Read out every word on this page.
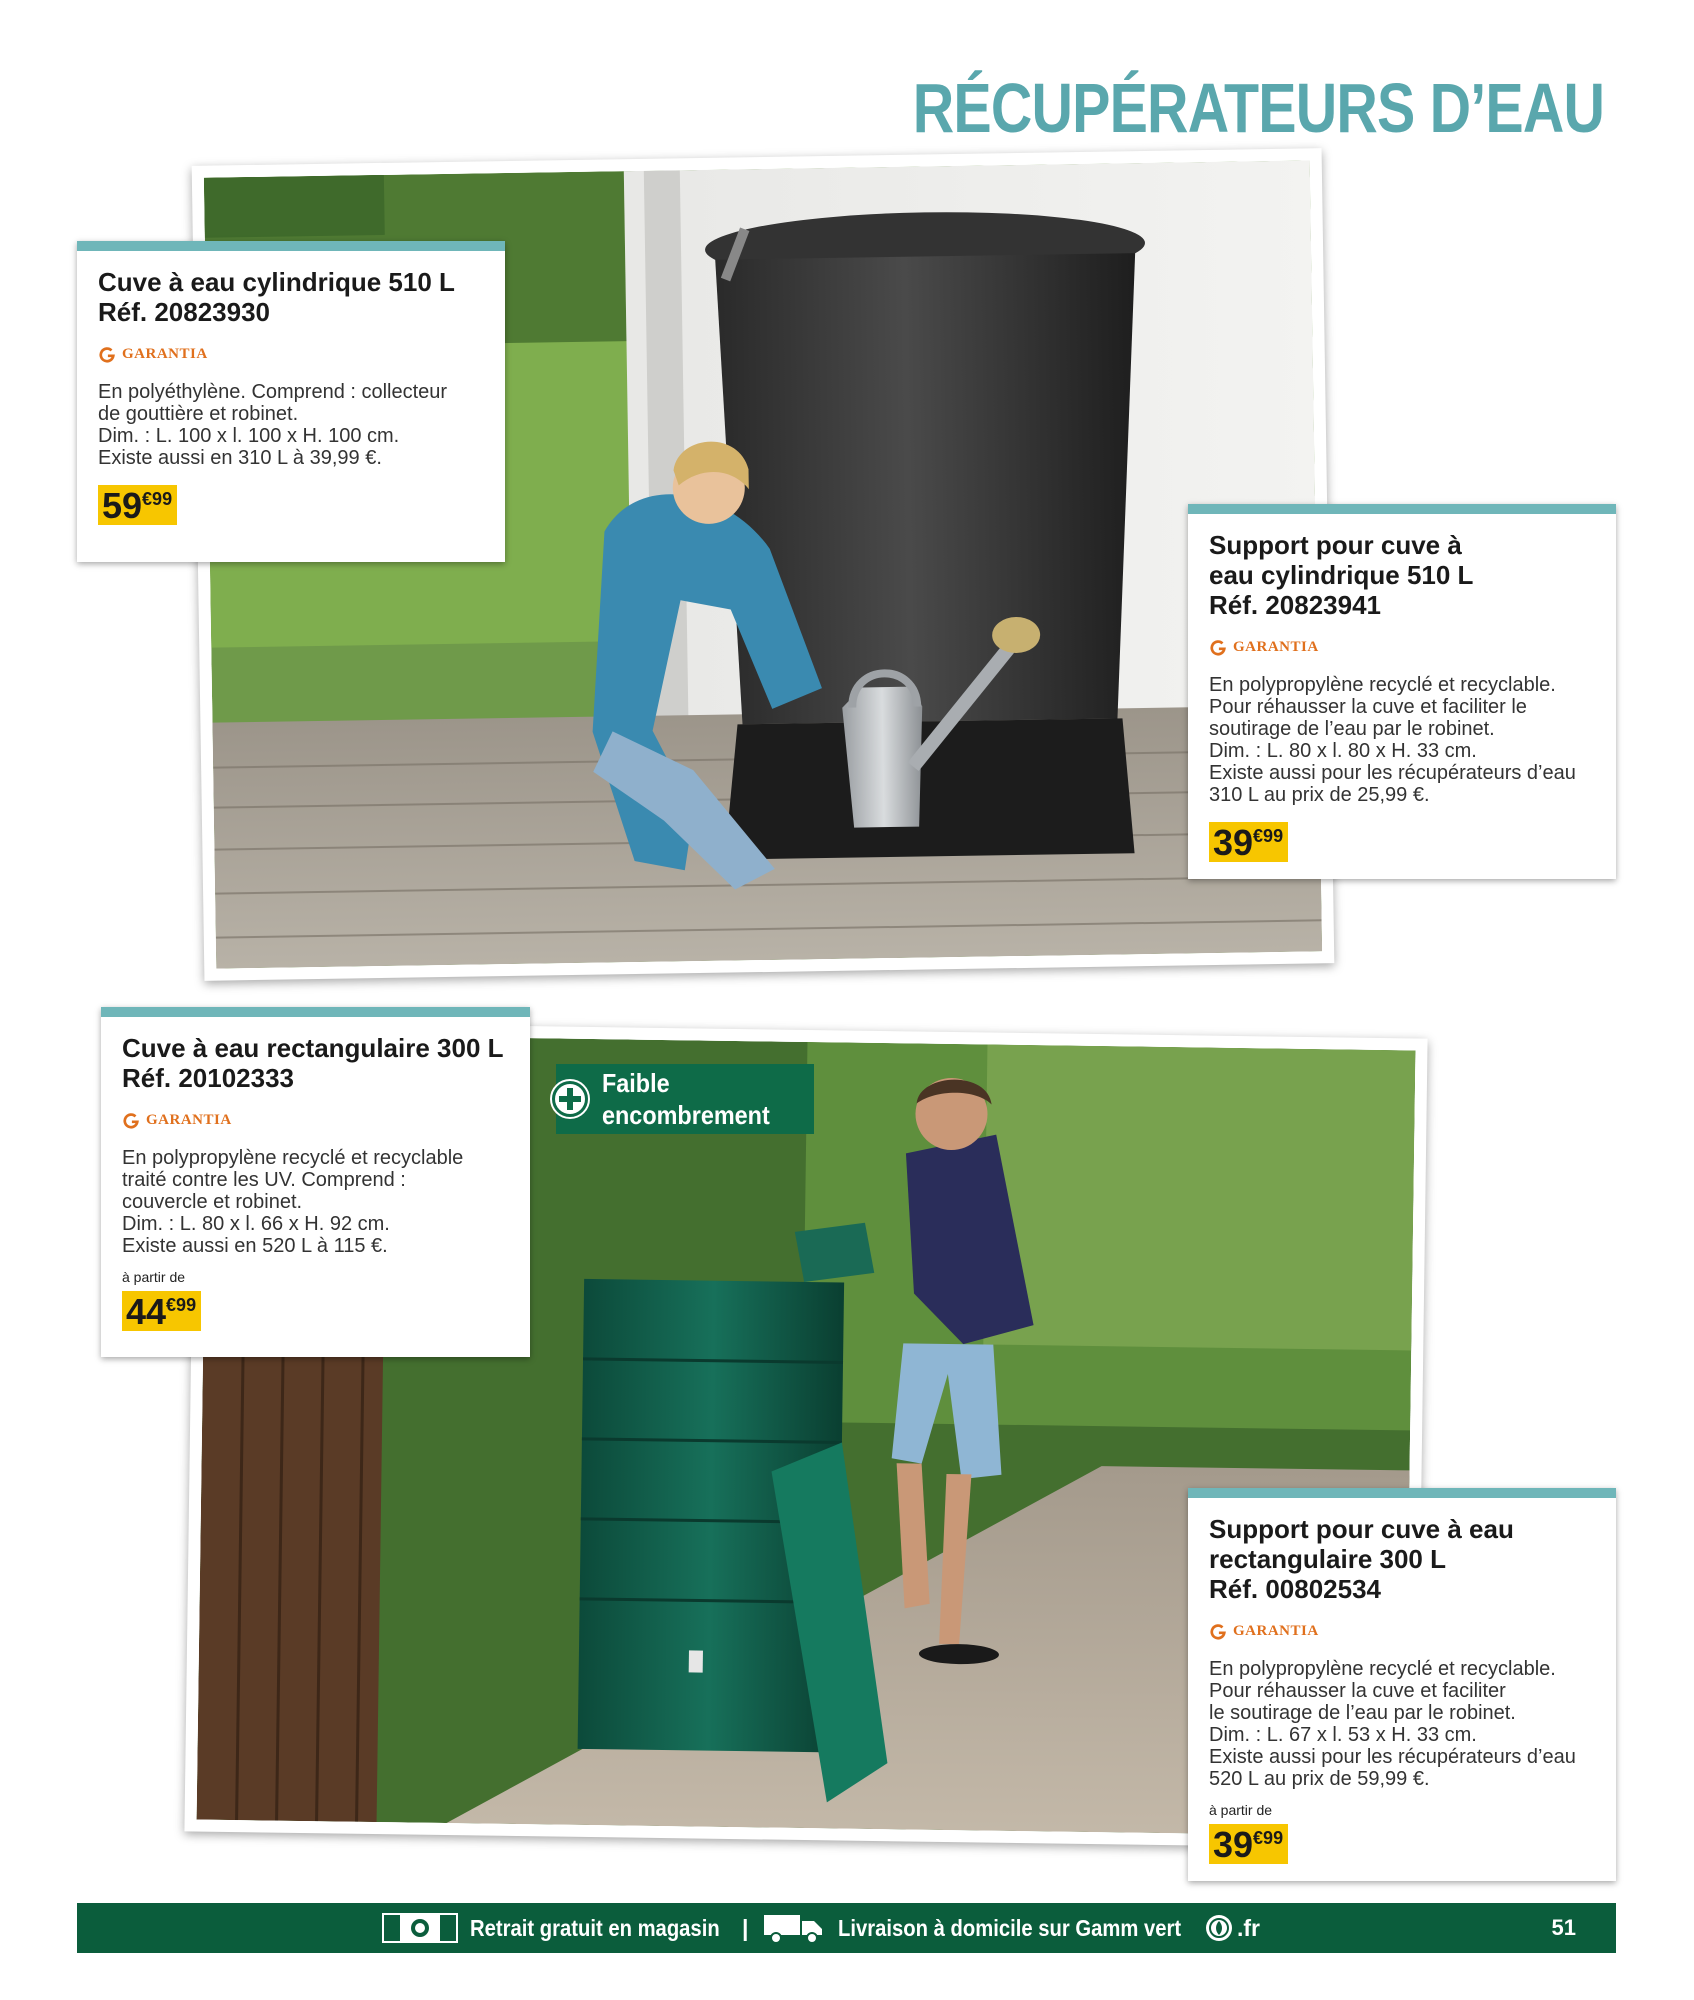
RÉCUPÉRATEURS D’EAU
Faible
encombrement
Cuve à eau cylindrique 510 L
Réf. 20823930
GARANTIA
En polyéthylène. Comprend : collecteur
de gouttière et robinet.
Dim. : L. 100 x l. 100 x H. 100 cm.
Existe aussi en 310 L à 39,99 €.
59 €99
Support pour cuve à eau cylindrique 510 L
Réf. 20823941
GARANTIA
En polypropylène recyclé et recyclable.
Pour réhausser la cuve et faciliter le
soutirage de l’eau par le robinet.
Dim. : L. 80 x l. 80 x H. 33 cm.
Existe aussi pour les récupérateurs d’eau
310 L au prix de 25,99 €.
39 €99
Cuve à eau rectangulaire 300 L
Réf. 20102333
GARANTIA
En polypropylène recyclé et recyclable
traité contre les UV. Comprend :
couvercle et robinet.
Dim. : L. 80 x l. 66 x H. 92 cm.
Existe aussi en 520 L à 115 €.
à partir de
44 €99
Support pour cuve à eau rectangulaire 300 L
Réf. 00802534
GARANTIA
En polypropylène recyclé et recyclable.
Pour réhausser la cuve et faciliter
le soutirage de l’eau par le robinet.
Dim. : L. 67 x l. 53 x H. 33 cm.
Existe aussi pour les récupérateurs d’eau
520 L au prix de 59,99 €.
à partir de
39 €99
Retrait gratuit en magasin |	Livraison à domicile sur Gamm vert .fr	51
